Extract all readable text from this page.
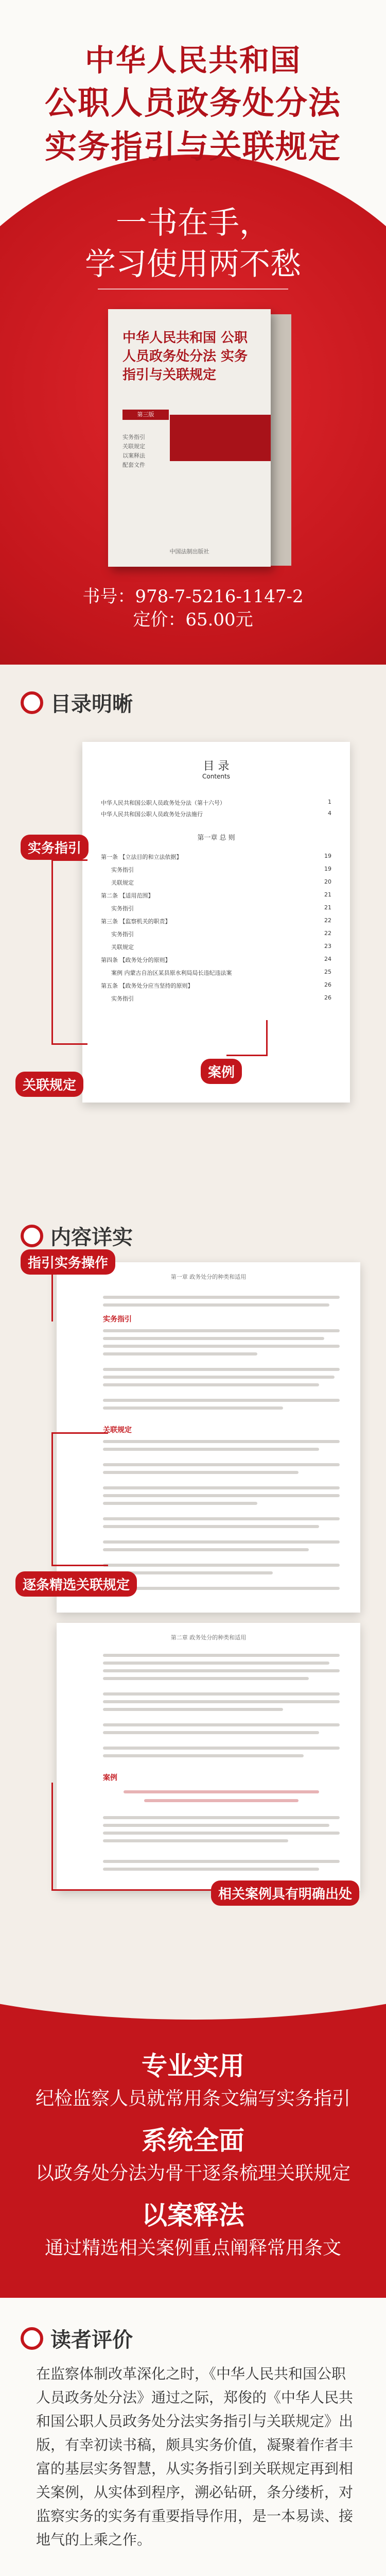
中华人民共和国
公职人员政务处分法
实务指引与关联规定
一书在手，
学习使用两不愁
中华人民共和国 公职人员政务处分法 实务指引与关联规定
第三版
实务指引
关联规定
以案释法
配套文件
中国法制出版社
书号：978-7-5216-1147-2
定价：65.00元
目录明晰
目 录
Contents
中华人民共和国公职人员政务处分法（第十六号）	1
中华人民共和国公职人员政务处分法施行	4
第一章 总 则
第一条 【立法目的和立法依据】	19
实务指引	19
关联规定	20
第二条 【适用范围】	21
实务指引	21
第三条 【监察机关的职责】	22
实务指引	22
关联规定	23
第四条 【政务处分的原则】	24
案例 内蒙古自治区某县原水利局局长违纪违法案	25
第五条 【政务处分应当坚持的原则】	26
实务指引	26
实务指引
关联规定
案例
内容详实
第一章 政务处分的种类和适用
实务指引
关联规定
第二章 政务处分的种类和适用
案例
指引实务操作
逐条精选关联规定
相关案例具有明确出处
专业实用
纪检监察人员就常用条文编写实务指引
系统全面
以政务处分法为骨干逐条梳理关联规定
以案释法
通过精选相关案例重点阐释常用条文
读者评价
在监察体制改革深化之时，《中华人民共和国公职人员政务处分法》通过之际，郑俊的《中华人民共和国公职人员政务处分法实务指引与关联规定》出版，有幸初读书稿，颇具实务价值，凝聚着作者丰富的基层实务智慧，从实务指引到关联规定再到相关案例，从实体到程序，溯必钻研，条分缕析，对监察实务的实务有重要指导作用，是一本易读、接地气的上乘之作。
